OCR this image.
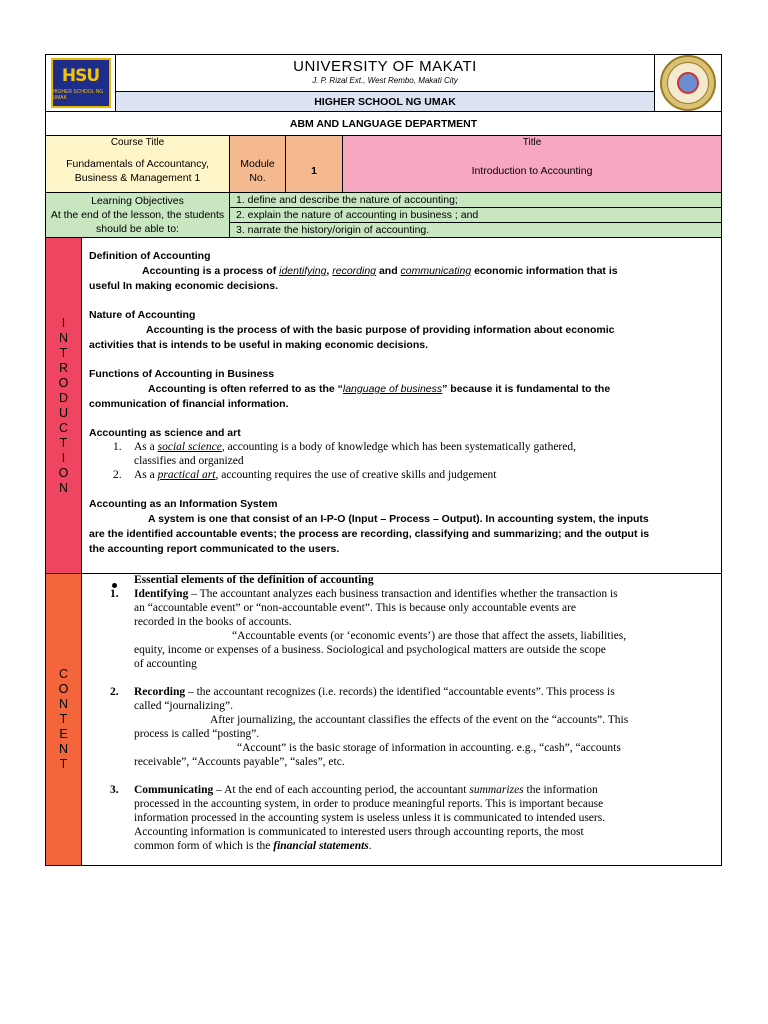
HSU
HIGHER SCHOOL NG UMAK
UNIVERSITY OF MAKATI
J. P. Rizal Ext., West Rembo, Makati City
HIGHER SCHOOL NG UMAK
ABM AND LANGUAGE DEPARTMENT
Course Title	Title
Fundamentals of Accountancy, Business & Management 1
Module No.
1	Introduction to Accounting
Learning Objectives
At the end of the lesson, the students should be able to:
1. define and describe the nature of accounting;
2. explain the nature of accounting in business ; and
3. narrate the history/origin of accounting.
I
N
T
R
O
D
U
C
T
I
O
N
Definition of Accounting
Accounting is a process of identifying, recording and communicating economic information that is
useful In making economic decisions.
Nature of Accounting
Accounting is the process of with the basic purpose of providing information about economic
activities that is intends to be useful in making economic decisions.
Functions of Accounting in Business
Accounting is often referred to as the “language of business” because it is fundamental to the
communication of financial information.
Accounting as science and art
1. As a social science, accounting is a body of knowledge which has been systematically gathered,
classifies and organized
2. As a practical art, accounting requires the use of creative skills and judgement
Accounting as an Information System
A system is one that consist of an I-P-O (Input – Process – Output). In accounting system, the inputs
are the identified accountable events; the process are recording, classifying and summarizing; and the output is
the accounting report communicated to the users.
C
O
N
T
E
N
T
Essential elements of the definition of accounting
1. Identifying – The accountant analyzes each business transaction and identifies whether the transaction is
an “accountable event” or “non-accountable event”. This is because only accountable events are
recorded in the books of accounts.
“Accountable events (or ‘economic events’) are those that affect the assets, liabilities,
equity, income or expenses of a business. Sociological and psychological matters are outside the scope
of accounting
2. Recording – the accountant recognizes (i.e. records) the identified “accountable events”. This process is
called “journalizing”.
After journalizing, the accountant classifies the effects of the event on the “accounts”. This
process is called “posting”.
“Account” is the basic storage of information in accounting. e.g., “cash”, “accounts
receivable”, “Accounts payable”, “sales”, etc.
3. Communicating – At the end of each accounting period, the accountant summarizes the information
processed in the accounting system, in order to produce meaningful reports. This is important because
information processed in the accounting system is useless unless it is communicated to intended users.
Accounting information is communicated to interested users through accounting reports, the most
common form of which is the financial statements.
